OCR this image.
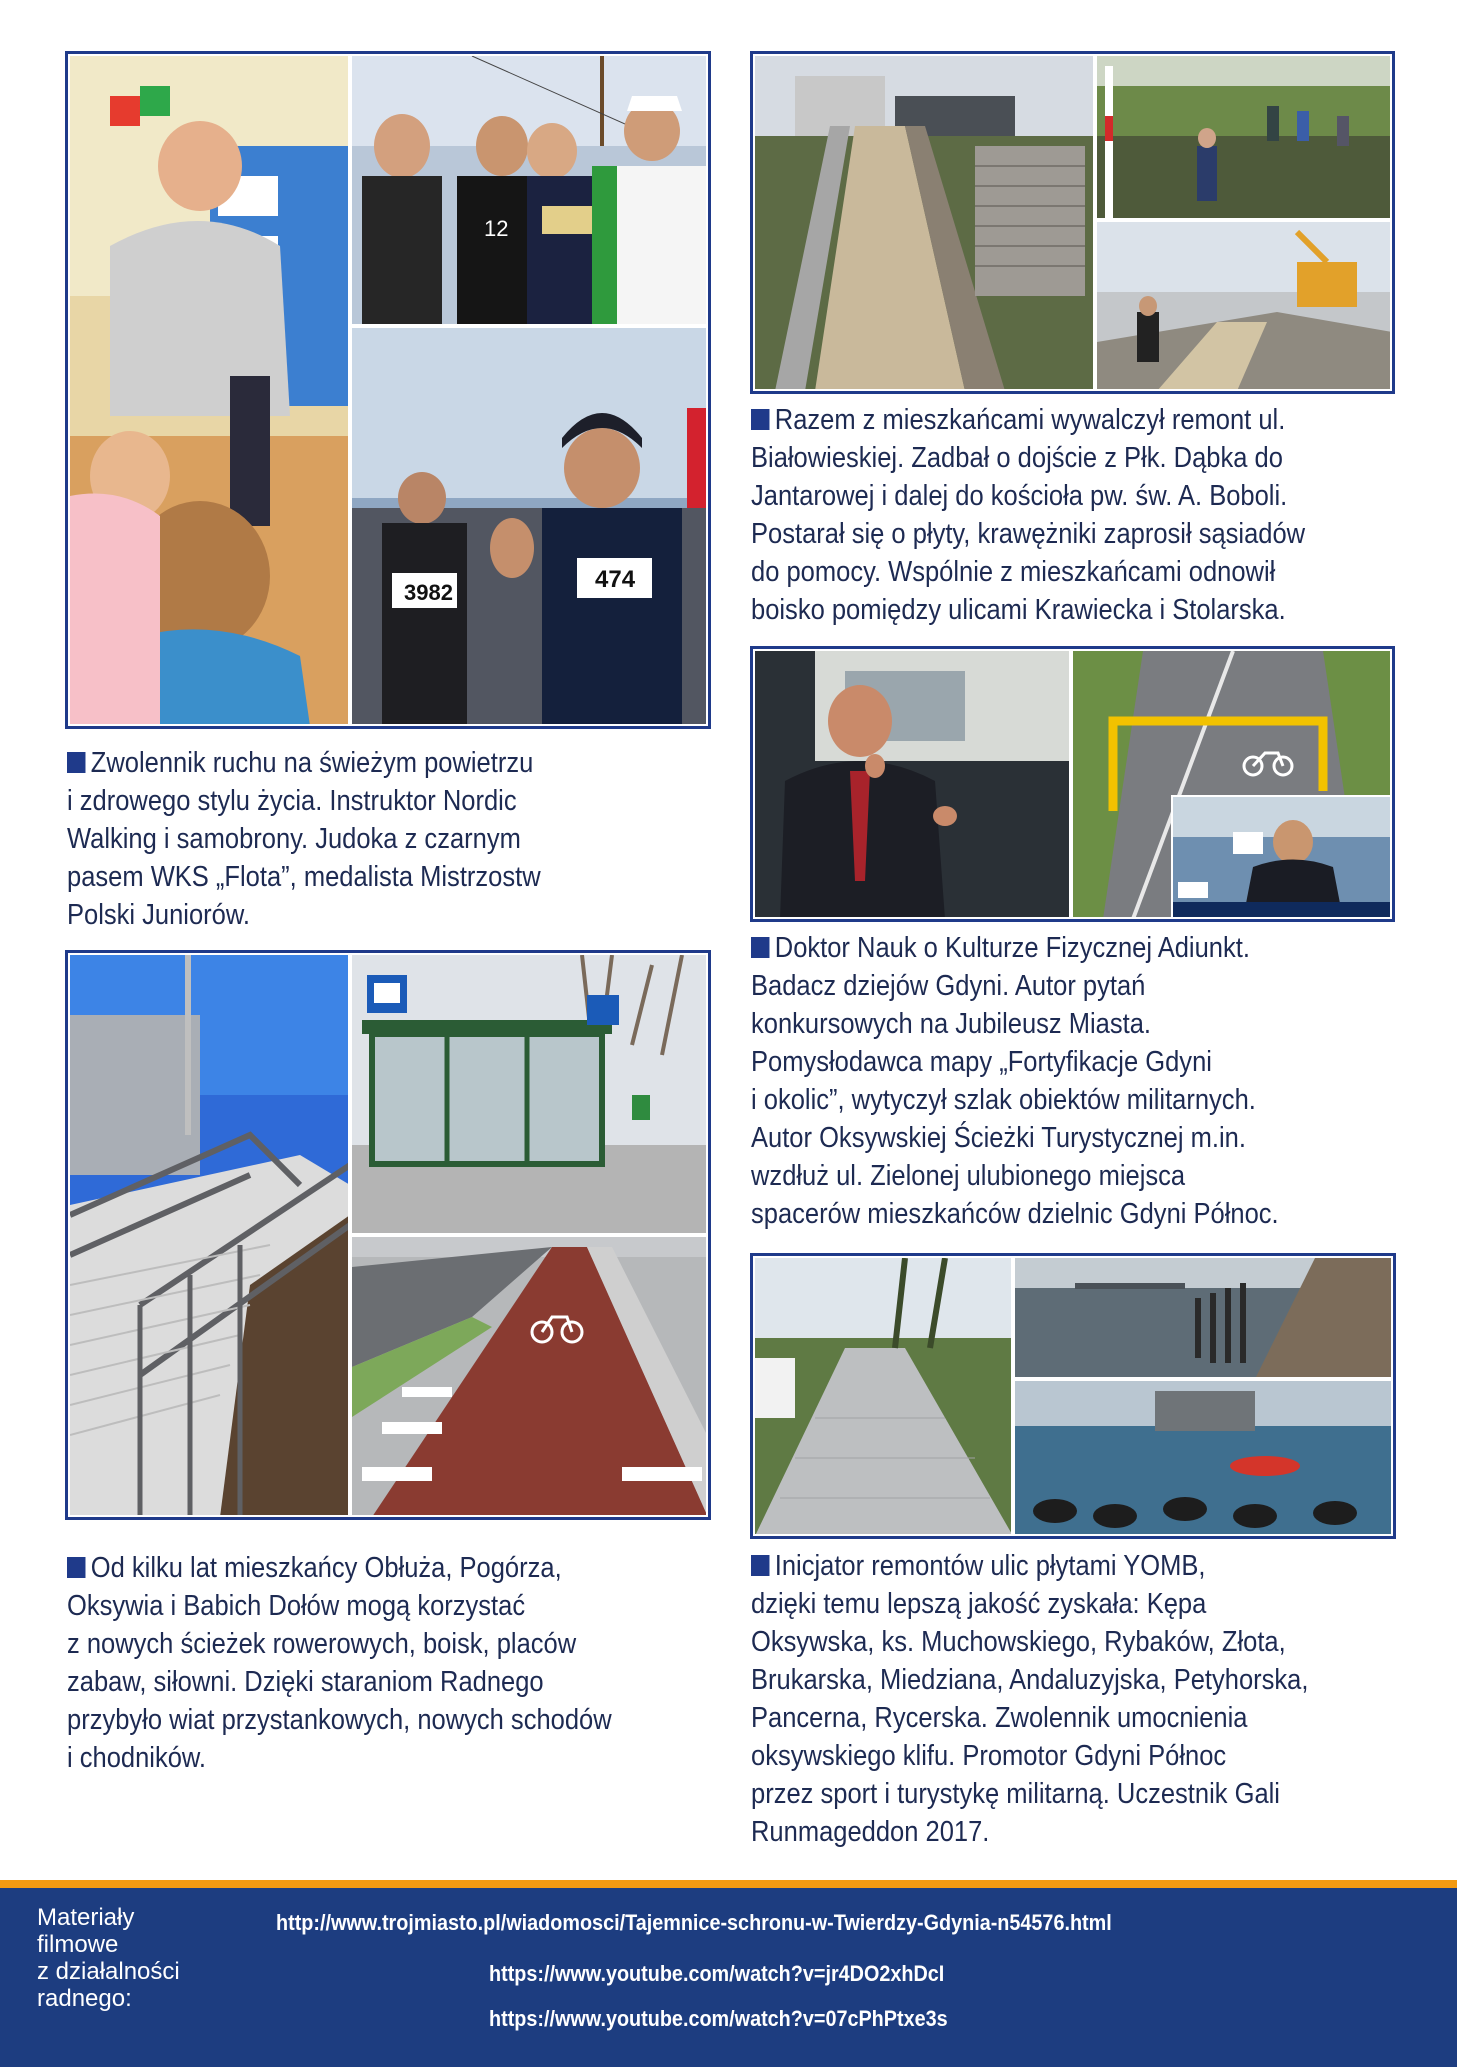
12
3982	474
Zwolennik ruchu na świeżym powietrzu
i zdrowego stylu życia. Instruktor Nordic
Walking i samobrony. Judoka z czarnym
pasem WKS „Flota”, medalista Mistrzostw
Polski Juniorów.
Od kilku lat mieszkańcy Obłuża, Pogórza,
Oksywia i Babich Dołów mogą korzystać
z nowych ścieżek rowerowych, boisk, placów
zabaw, siłowni. Dzięki staraniom Radnego
przybyło wiat przystankowych, nowych schodów
i chodników.
Razem z mieszkańcami wywalczył remont ul.
Białowieskiej. Zadbał o dojście z Płk. Dąbka do
Jantarowej i dalej do kościoła pw. św. A. Boboli.
Postarał się o płyty, krawężniki zaprosił sąsiadów
do pomocy. Wspólnie z mieszkańcami odnowił
boisko pomiędzy ulicami Krawiecka i Stolarska.
Doktor Nauk o Kulturze Fizycznej Adiunkt.
Badacz dziejów Gdyni. Autor pytań
konkursowych na Jubileusz Miasta.
Pomysłodawca mapy „Fortyfikacje Gdyni
i okolic”, wytyczył szlak obiektów militarnych.
Autor Oksywskiej Ścieżki Turystycznej m.in.
wzdłuż ul. Zielonej ulubionego miejsca
spacerów mieszkańców dzielnic Gdyni Północ.
Inicjator remontów ulic płytami YOMB,
dzięki temu lepszą jakość zyskała: Kępa
Oksywska, ks. Muchowskiego, Rybaków, Złota,
Brukarska, Miedziana, Andaluzyjska, Petyhorska,
Pancerna, Rycerska. Zwolennik umocnienia
oksywskiego klifu. Promotor Gdyni Północ
przez sport i turystykę militarną. Uczestnik Gali
Runmageddon 2017.
Materiały
filmowe
z działalności
radnego:
http://www.trojmiasto.pl/wiadomosci/Tajemnice-schronu-w-Twierdzy-Gdynia-n54576.html
https://www.youtube.com/watch?v=jr4DO2xhDcI
https://www.youtube.com/watch?v=07cPhPtxe3s
